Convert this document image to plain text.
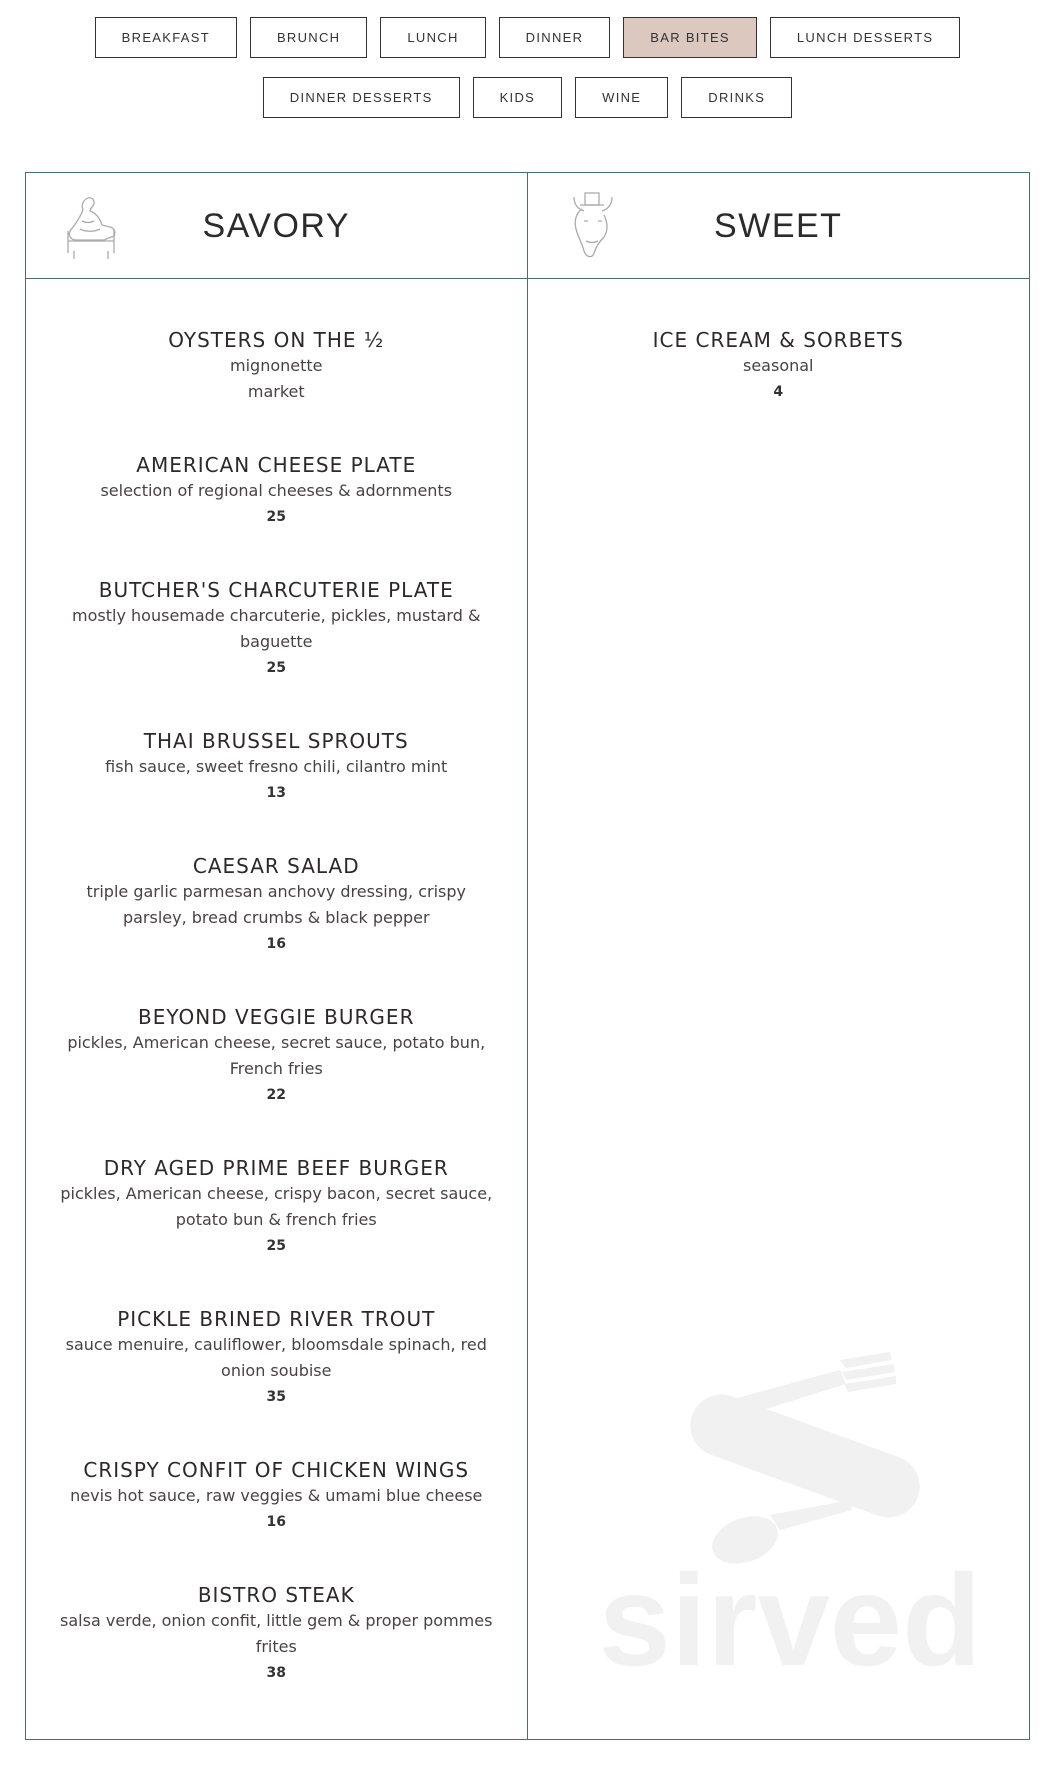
BREAKFAST	BRUNCH	LUNCH	DINNER	BAR BITES	LUNCH DESSERTS
DINNER DESSERTS	KIDS	WINE	DRINKS
SAVORY
OYSTERS ON THE ½
mignonette
market
AMERICAN CHEESE PLATE
selection of regional cheeses & adornments
25
BUTCHER'S CHARCUTERIE PLATE
mostly housemade charcuterie, pickles, mustard & baguette
25
THAI BRUSSEL SPROUTS
fish sauce, sweet fresno chili, cilantro mint
13
CAESAR SALAD
triple garlic parmesan anchovy dressing, crispy parsley, bread crumbs & black pepper
16
BEYOND VEGGIE BURGER
pickles, American cheese, secret sauce, potato bun, French fries
22
DRY AGED PRIME BEEF BURGER
pickles, American cheese, crispy bacon, secret sauce, potato bun & french fries
25
PICKLE BRINED RIVER TROUT
sauce menuire, cauliflower, bloomsdale spinach, red onion soubise
35
CRISPY CONFIT OF CHICKEN WINGS
nevis hot sauce, raw veggies & umami blue cheese
16
BISTRO STEAK
salsa verde, onion confit, little gem & proper pommes frites
38
SWEET
ICE CREAM & SORBETS
seasonal
4
sirved
